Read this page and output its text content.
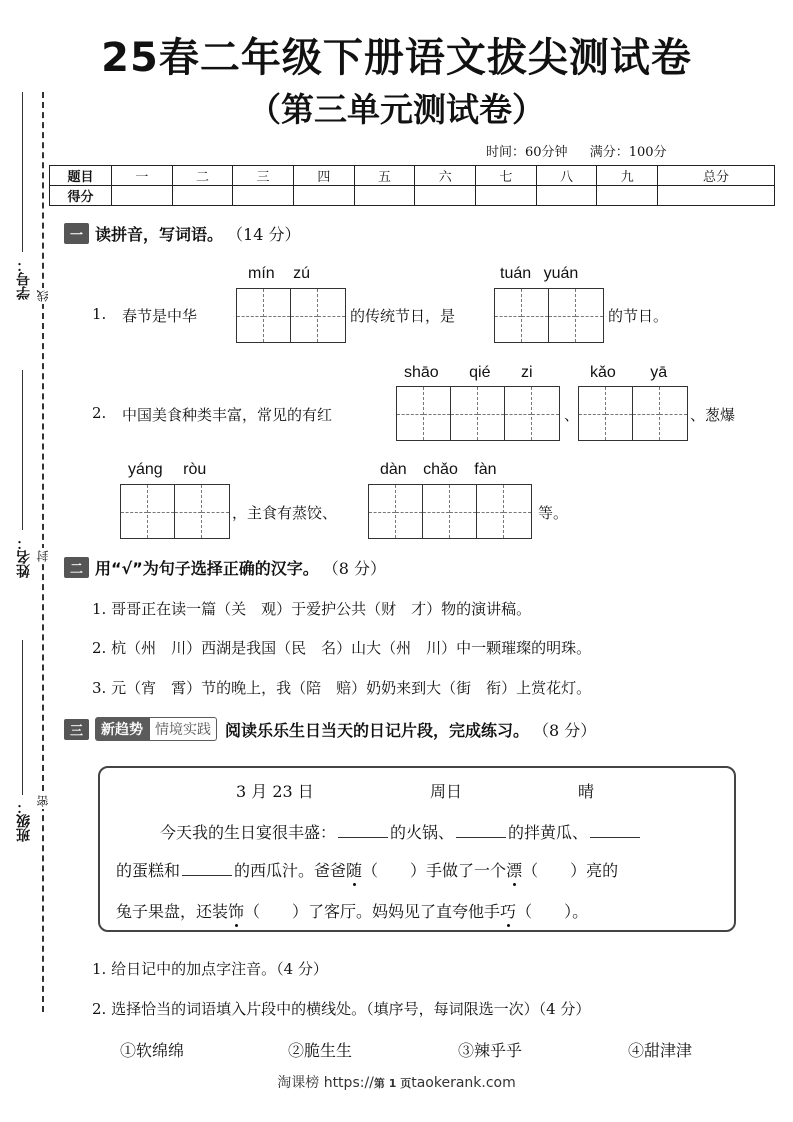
25春二年级下册语文拔尖测试卷
（第三单元测试卷）
时间：60分钟 满分：100分
学号： 线
姓名： 封
班级： 密
题目	一	二	三	四	五	六	七	八	九	总分
得分										
一 读拼音，写词语。 （14 分）
1. 春节是中华
mín zú
的传统节日，是
tuán yuán
的节日。
2. 中国美食种类丰富，常见的有红
shāo qié zi
、
kǎo yā
、葱爆
yáng ròu
，主食有蒸饺、
dàn chǎo fàn
等。
二 用“√”为句子选择正确的汉字。 （8 分）
1. 哥哥正在读一篇（关　观）于爱护公共（财　才）物的演讲稿。
2. 杭（州　川）西湖是我国（民　名）山大（州　川）中一颗璀璨的明珠。
3. 元（宵　霄）节的晚上，我（陪　赔）奶奶来到大（街　衔）上赏花灯。
三	新趋势 情境实践 阅读乐乐生日当天的日记片段，完成练习。 （8 分）
3 月 23 日	周日	晴
今天我的生日宴很丰盛：	的火锅、	的拌黄瓜、
的蛋糕和	的西瓜汁。爸爸随（　　）手做了一个漂（　　）亮的
兔子果盘，还装饰（　　）了客厅。妈妈见了直夸他手巧（　　）。
1. 给日记中的加点字注音。（4 分）
2. 选择恰当的词语填入片段中的横线处。（填序号，每词限选一次）（4 分）
①软绵绵	②脆生生	③辣乎乎	④甜津津
淘课榜 https://第 1 页taokerank.com
